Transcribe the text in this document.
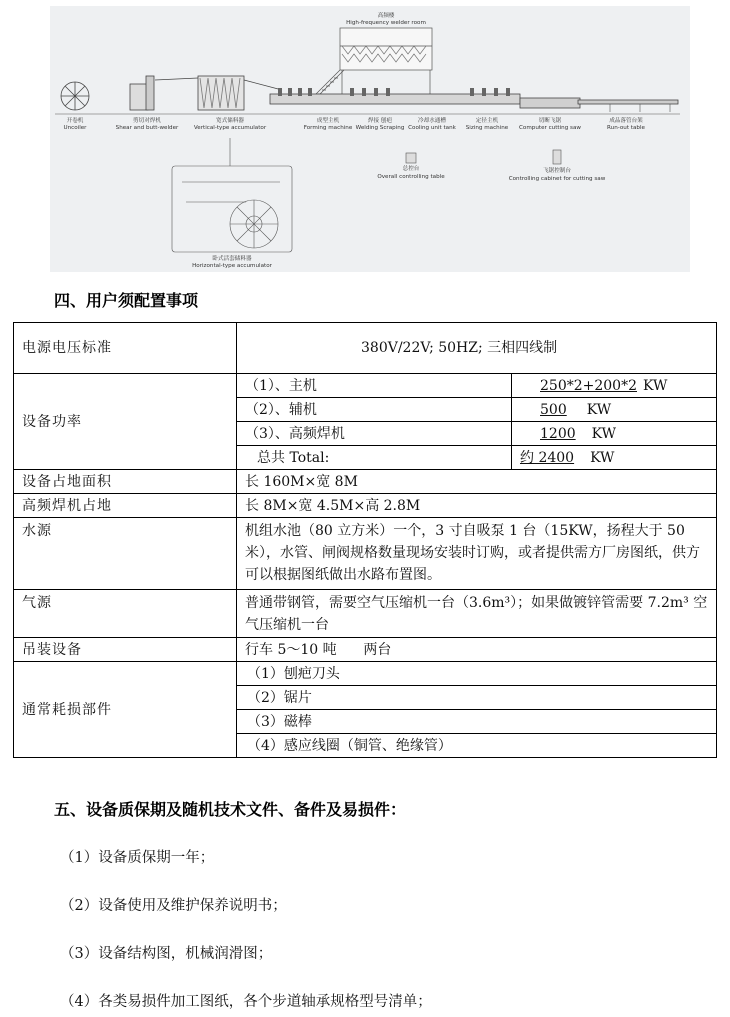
高频楼
High-frequency welder room
开卷机
Uncoiler
剪切对焊机
Shear and butt-welder
宽式储料器
Vertical-type accumulator
成型主机
Forming machine
焊接 刨疤
Welding Scraping
冷却水通槽
Cooling unit tank
定径主机
Sizing machine
切断飞锯
Computer cutting saw
成品落管台架
Run-out table
总控台
Overall controlling table
飞锯控制台
Controlling cabinet for cutting saw
卧式活套储料器
Horizontal-type accumulator
四、用户须配置事项
电源电压标准	380V/22V; 50HZ; 三相四线制	
设备功率	（1）、主机	250*2+200*2 KW
	（2）、辅机	500 KW
	（3）、高频焊机	1200 KW
	总共 Total:	约 2400 KW
设备占地面积	长 160M×宽 8M	
高频焊机占地	长 8M×宽 4.5M×高 2.8M	
水源	机组水池（80 立方米）一个，3 寸自吸泵 1 台（15KW，扬程大于 50 米），水管、闸阀规格数量现场安装时订购，或者提供需方厂房图纸，供方可以根据图纸做出水路布置图。	
气源	普通带钢管，需要空气压缩机一台（3.6m³）；如果做镀锌管需要 7.2m³ 空气压缩机一台	
吊装设备	行车 5～10 吨      两台	
通常耗损部件	（1）刨疤刀头	
	（2）锯片	
	（3）磁棒	
	（4）感应线圈（铜管、绝缘管）	
五、设备质保期及随机技术文件、备件及易损件：
（1）设备质保期一年；
（2）设备使用及维护保养说明书；
（3）设备结构图，机械润滑图；
（4）各类易损件加工图纸，各个步道轴承规格型号清单；
